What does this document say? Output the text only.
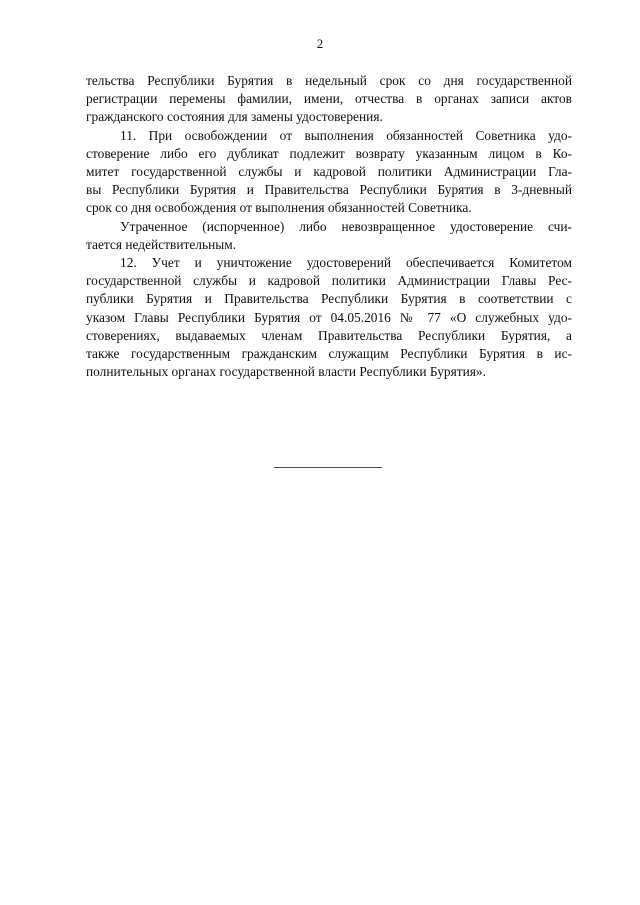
2
тельства Республики Бурятия в недельный срок со дня государственной
регистрации перемены фамилии, имени, отчества в органах записи актов
гражданского состояния для замены удостоверения.
11. При освобождении от выполнения обязанностей Советника удо-
стоверение либо его дубликат подлежит возврату указанным лицом в Ко-
митет государственной службы и кадровой политики Администрации Гла-
вы Республики Бурятия и Правительства Республики Бурятия в 3-дневный
срок со дня освобождения от выполнения обязанностей Советника.
Утраченное (испорченное) либо невозвращенное удостоверение счи-
тается недействительным.
12. Учет и уничтожение удостоверений обеспечивается Комитетом
государственной службы и кадровой политики Администрации Главы Рес-
публики Бурятия и Правительства Республики Бурятия в соответствии с
указом Главы Республики Бурятия от 04.05.2016 № 77 «О служебных удо-
стоверениях, выдаваемых членам Правительства Республики Бурятия, а
также государственным гражданским служащим Республики Бурятия в ис-
полнительных органах государственной власти Республики Бурятия».
